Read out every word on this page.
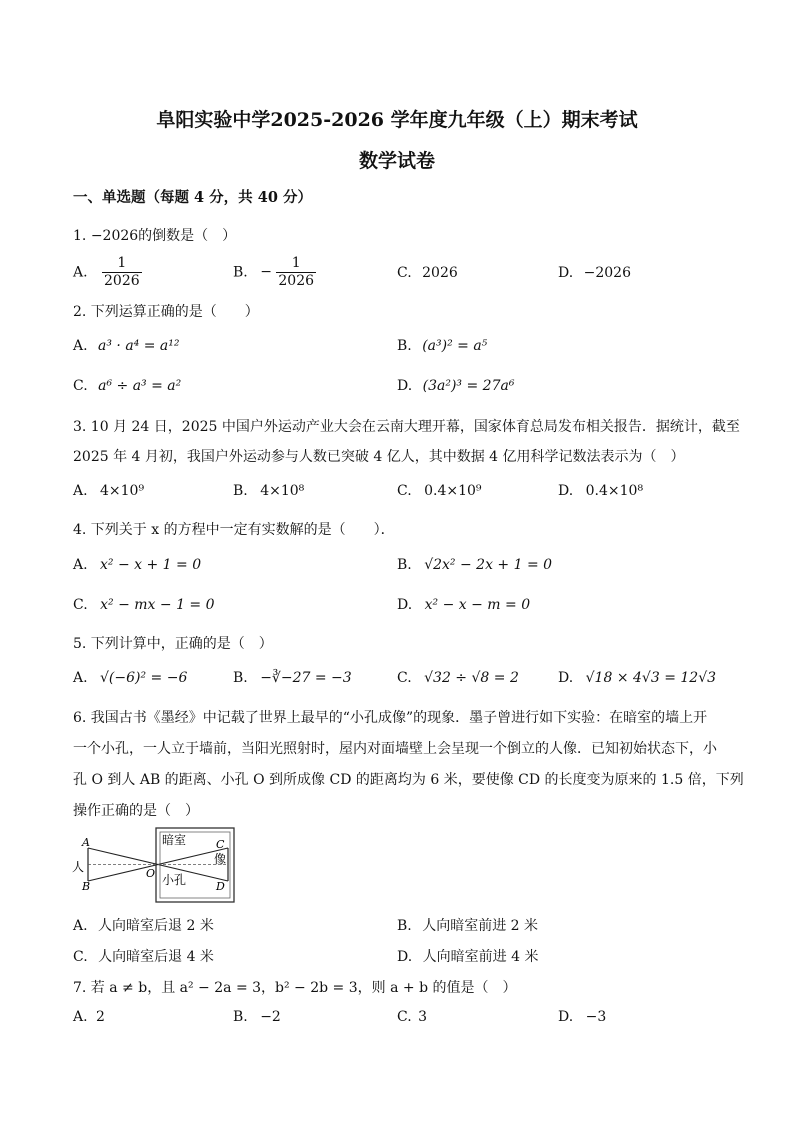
阜阳实验中学2025-2026 学年度九年级（上）期末考试
数学试卷
一、单选题（每题 4 分，共 40 分）
1. −2026的倒数是（　）
A. $\frac{1}{2026}$	B. − $\frac{1}{2026}$	C. 2026	D. −2026
2. 下列运算正确的是（　　）
A. a³ · a⁴ = a¹²	B. (a³)² = a⁵
C. a⁶ ÷ a³ = a²	D. (3a²)³ = 27a⁶
3. 10 月 24 日，2025 中国户外运动产业大会在云南大理开幕，国家体育总局发布相关报告．据统计，截至
2025 年 4 月初，我国户外运动参与人数已突破 4 亿人，其中数据 4 亿用科学记数法表示为（　）
A. 4×10⁹	B. 4×10⁸	C. 0.4×10⁹	D. 0.4×10⁸
4. 下列关于 x 的方程中一定有实数解的是（　　）．
A. x² − x + 1 = 0	B. √2x² − 2x + 1 = 0
C. x² − mx − 1 = 0	D. x² − x − m = 0
5. 下列计算中，正确的是（　）
A. √(−6)² = −6	B. −∛−27 = −3	C. √32 ÷ √8 = 2	D. √18 × 4√3 = 12√3
6. 我国古书《墨经》中记载了世界上最早的“小孔成像”的现象．墨子曾进行如下实验：在暗室的墙上开
一个小孔，一人立于墙前，当阳光照射时，屋内对面墙壁上会呈现一个倒立的人像．已知初始状态下，小
孔 O 到人 AB 的距离、小孔 O 到所成像 CD 的距离均为 6 米，要使像 CD 的长度变为原来的 1.5 倍，下列
操作正确的是（　）
暗室
人
像
小孔
A
B
C
D
O
A. 人向暗室后退 2 米	B. 人向暗室前进 2 米
C. 人向暗室后退 4 米	D. 人向暗室前进 4 米
7. 若 a ≠ b，且 a² − 2a = 3，b² − 2b = 3，则 a + b 的值是（　）
A. 2	B. −2	C. 3	D. −3
